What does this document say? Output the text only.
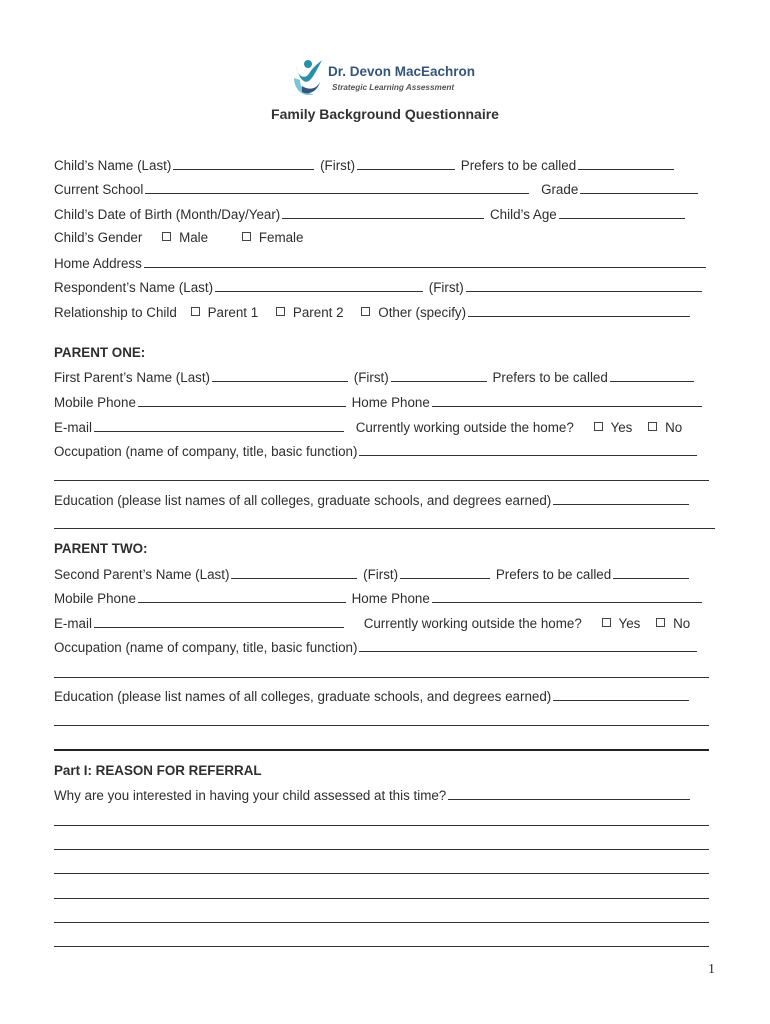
Dr. Devon MacEachron
Strategic Learning Assessment
Family Background Questionnaire
Child’s Name (Last)	(First)	Prefers to be called
Current School	Grade
Child’s Date of Birth (Month/Day/Year)	Child’s Age
Child’s Gender	Male	Female
Home Address
Respondent’s Name (Last)	(First)
Relationship to Child Parent 1	Parent 2	Other (specify)
PARENT ONE:
First Parent’s Name (Last)	(First)	Prefers to be called
Mobile Phone	Home Phone
E-mail	Currently working outside the home?	Yes No
Occupation (name of company, title, basic function)
Education (please list names of all colleges, graduate schools, and degrees earned)
PARENT TWO:
Second Parent’s Name (Last)	(First)	Prefers to be called
Mobile Phone	Home Phone
E-mail	Currently working outside the home?	Yes No
Occupation (name of company, title, basic function)
Education (please list names of all colleges, graduate schools, and degrees earned)
Part I: REASON FOR REFERRAL
Why are you interested in having your child assessed at this time?
1
